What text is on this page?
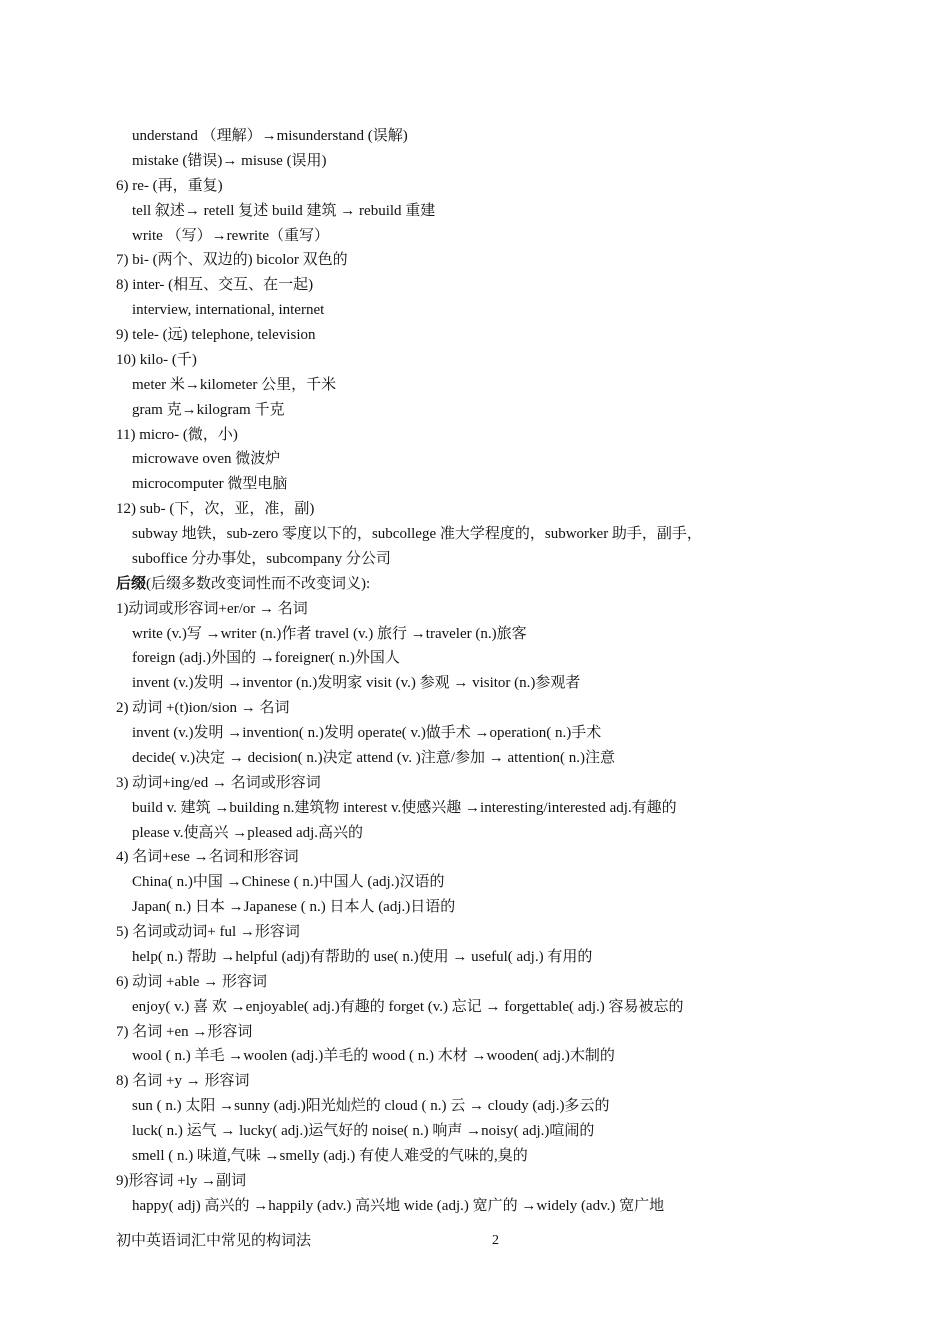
understand （理解）→misunderstand (误解)
mistake (错误)→ misuse (误用)
6) re- (再，重复)
tell 叙述→ retell 复述 build 建筑 → rebuild 重建
write （写）→rewrite（重写）
7) bi- (两个、双边的) bicolor 双色的
8) inter- (相互、交互、在一起)
interview, international, internet
9) tele- (远) telephone, television
10) kilo- (千)
meter 米→kilometer 公里，千米
gram 克→kilogram 千克
11) micro- (微，小)
microwave oven 微波炉
microcomputer 微型电脑
12) sub- (下，次，亚，准，副)
subway 地铁，sub-zero 零度以下的，subcollege 准大学程度的，subworker 助手，副手，
suboffice 分办事处，subcompany 分公司
后缀(后缀多数改变词性而不改变词义):
1)动词或形容词+er/or → 名词
write (v.)写 →writer (n.)作者 travel (v.) 旅行 →traveler (n.)旅客
foreign (adj.)外国的 →foreigner( n.)外国人
invent (v.)发明 →inventor (n.)发明家 visit (v.) 参观 → visitor (n.)参观者
2) 动词 +(t)ion/sion → 名词
invent (v.)发明 →invention( n.)发明 operate( v.)做手术 →operation( n.)手术
decide( v.)决定 → decision( n.)决定 attend (v. )注意/参加 → attention( n.)注意
3) 动词+ing/ed → 名词或形容词
build v. 建筑 →building n.建筑物 interest v.使感兴趣 →interesting/interested adj.有趣的
please v.使高兴 →pleased adj.高兴的
4) 名词+ese →名词和形容词
China( n.)中国 →Chinese ( n.)中国人 (adj.)汉语的
Japan( n.) 日本 →Japanese ( n.) 日本人 (adj.)日语的
5) 名词或动词+ ful →形容词
help( n.) 帮助 →helpful (adj)有帮助的 use( n.)使用 → useful( adj.) 有用的
6) 动词 +able → 形容词
enjoy( v.) 喜 欢 →enjoyable( adj.)有趣的 forget (v.) 忘记 → forgettable( adj.) 容易被忘的
7) 名词 +en →形容词
wool ( n.) 羊毛 →woolen (adj.)羊毛的 wood ( n.) 木材 →wooden( adj.)木制的
8) 名词 +y → 形容词
sun ( n.) 太阳 →sunny (adj.)阳光灿烂的 cloud ( n.) 云 → cloudy (adj.)多云的
luck( n.) 运气 → lucky( adj.)运气好的 noise( n.) 响声 →noisy( adj.)喧闹的
smell ( n.) 味道,气味 →smelly (adj.) 有使人难受的气味的,臭的
9)形容词 +ly →副词
happy( adj) 高兴的 →happily (adv.) 高兴地 wide (adj.) 宽广的 →widely (adv.) 宽广地
初中英语词汇中常见的构词法	2
